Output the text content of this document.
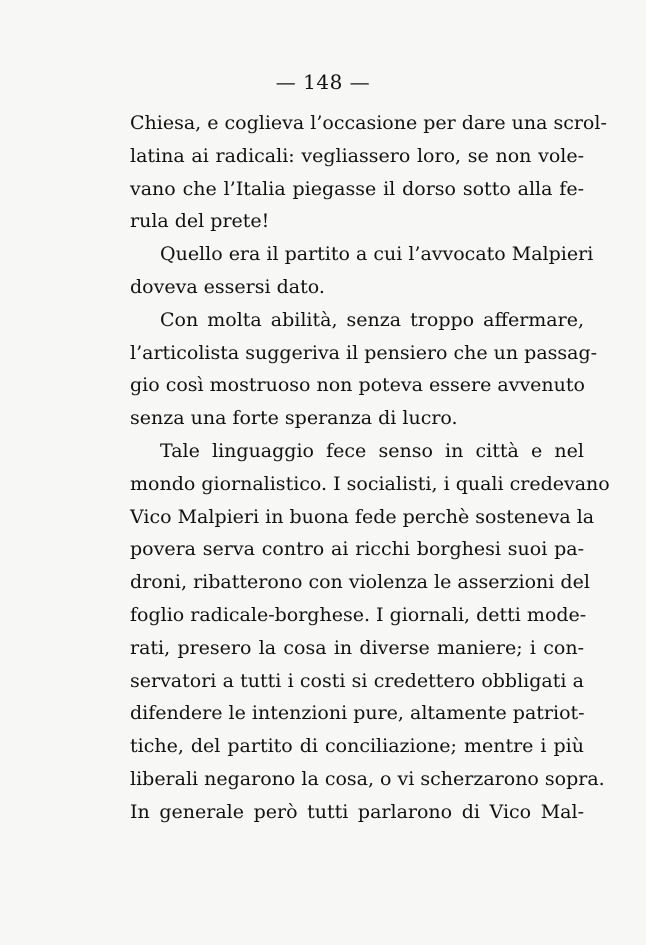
— 148 —
Chiesa, e coglieva l’occasione per dare una scrol-
latina ai radicali: vegliassero loro, se non vole-
vano che l’Italia piegasse il dorso sotto alla fe-
rula del prete!
Quello era il partito a cui l’avvocato Malpieri
doveva essersi dato.
Con molta abilità, senza troppo affermare,
l’articolista suggeriva il pensiero che un passag-
gio così mostruoso non poteva essere avvenuto
senza una forte speranza di lucro.
Tale linguaggio fece senso in città e nel
mondo giornalistico. I socialisti, i quali credevano
Vico Malpieri in buona fede perchè sosteneva la
povera serva contro ai ricchi borghesi suoi pa-
droni, ribatterono con violenza le asserzioni del
foglio radicale-borghese. I giornali, detti mode-
rati, presero la cosa in diverse maniere; i con-
servatori a tutti i costi si credettero obbligati a
difendere le intenzioni pure, altamente patriot-
tiche, del partito di conciliazione; mentre i più
liberali negarono la cosa, o vi scherzarono sopra.
In generale però tutti parlarono di Vico Mal-
